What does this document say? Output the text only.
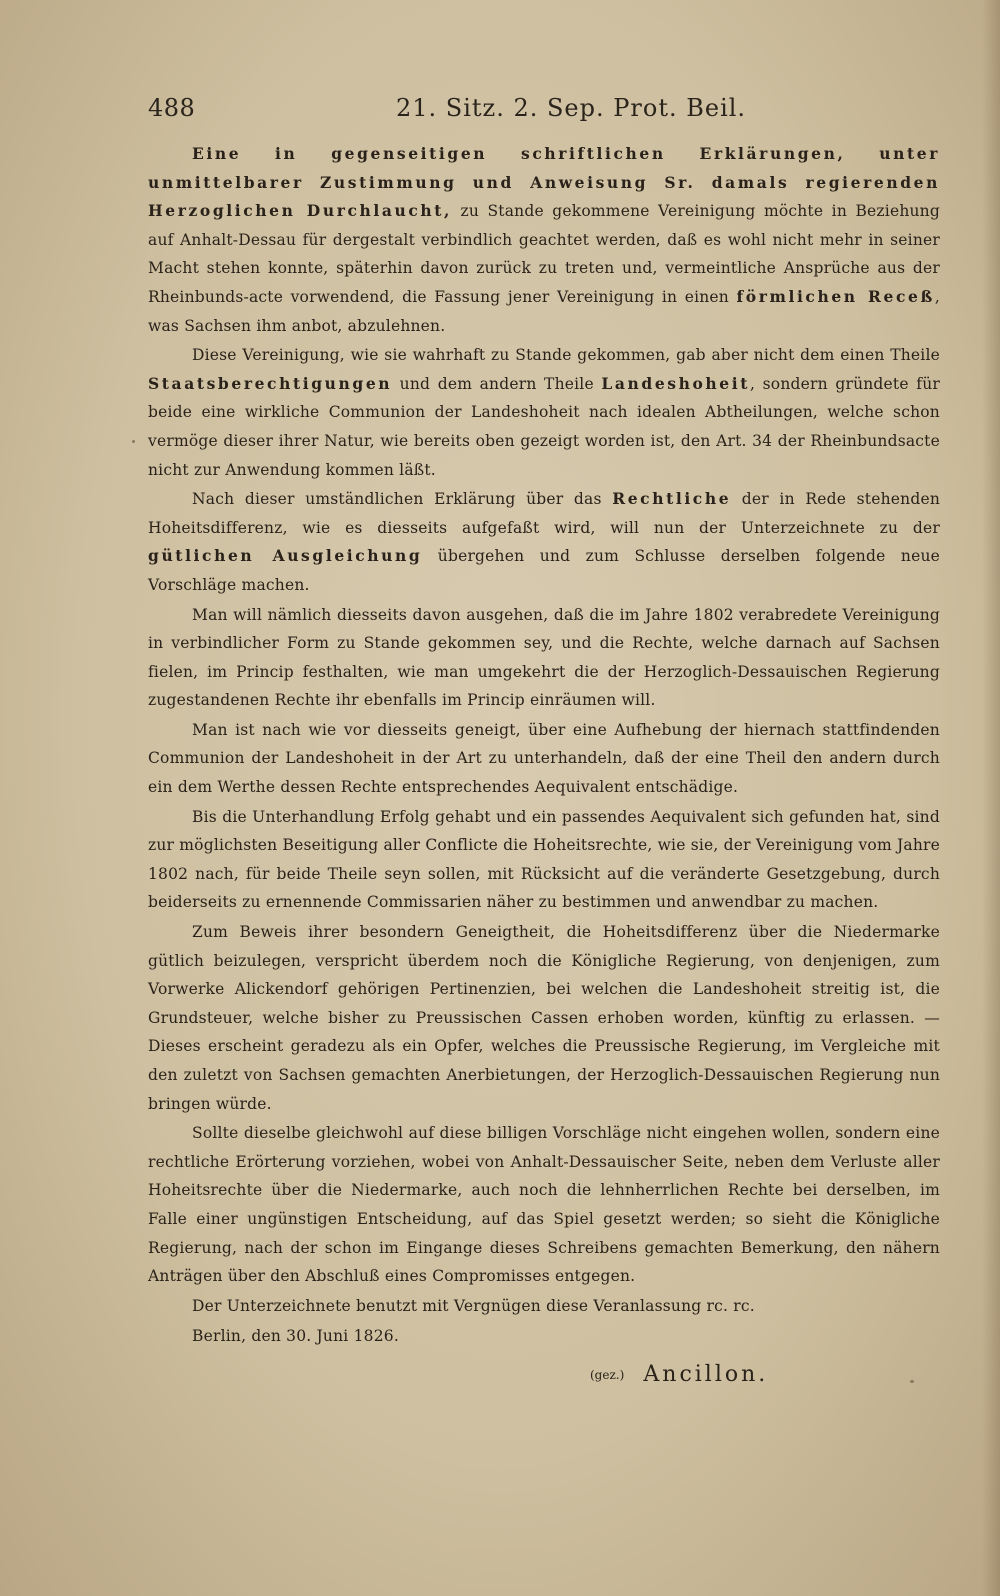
488	21. Sitz. 2. Sep. Prot. Beil.

Eine in gegenseitigen schriftlichen Erklärungen, unter unmittelbarer Zustimmung und Anweisung Sr. damals regierenden Herzoglichen Durchlaucht, zu Stande gekommene Vereinigung möchte in Beziehung auf Anhalt-Dessau für dergestalt verbindlich geachtet werden, daß es wohl nicht mehr in seiner Macht stehen konnte, späterhin davon zurück zu treten und, vermeintliche Ansprüche aus der Rheinbunds-acte vorwendend, die Fassung jener Vereinigung in einen förmlichen Receß, was Sachsen ihm anbot, abzulehnen.

Diese Vereinigung, wie sie wahrhaft zu Stande gekommen, gab aber nicht dem einen Theile Staatsberechtigungen und dem andern Theile Landeshoheit, sondern gründete für beide eine wirkliche Communion der Landeshoheit nach idealen Abtheilungen, welche schon vermöge dieser ihrer Natur, wie bereits oben gezeigt worden ist, den Art. 34 der Rheinbundsacte nicht zur Anwendung kommen läßt.

Nach dieser umständlichen Erklärung über das Rechtliche der in Rede stehenden Hoheitsdifferenz, wie es diesseits aufgefaßt wird, will nun der Unterzeichnete zu der gütlichen Ausgleichung übergehen und zum Schlusse derselben folgende neue Vorschläge machen.

Man will nämlich diesseits davon ausgehen, daß die im Jahre 1802 verabredete Vereinigung in verbindlicher Form zu Stande gekommen sey, und die Rechte, welche darnach auf Sachsen fielen, im Princip festhalten, wie man umgekehrt die der Herzoglich-Dessauischen Regierung zugestandenen Rechte ihr ebenfalls im Princip einräumen will.

Man ist nach wie vor diesseits geneigt, über eine Aufhebung der hiernach stattfindenden Communion der Landeshoheit in der Art zu unterhandeln, daß der eine Theil den andern durch ein dem Werthe dessen Rechte entsprechendes Aequivalent entschädige.

Bis die Unterhandlung Erfolg gehabt und ein passendes Aequivalent sich gefunden hat, sind zur möglichsten Beseitigung aller Conflicte die Hoheitsrechte, wie sie, der Vereinigung vom Jahre 1802 nach, für beide Theile seyn sollen, mit Rücksicht auf die veränderte Gesetzgebung, durch beiderseits zu ernennende Commissarien näher zu bestimmen und anwendbar zu machen.

Zum Beweis ihrer besondern Geneigtheit, die Hoheitsdifferenz über die Niedermarke gütlich beizulegen, verspricht überdem noch die Königliche Regierung, von denjenigen, zum Vorwerke Alickendorf gehörigen Pertinenzien, bei welchen die Landeshoheit streitig ist, die Grundsteuer, welche bisher zu Preussischen Cassen erhoben worden, künftig zu erlassen. — Dieses erscheint geradezu als ein Opfer, welches die Preussische Regierung, im Vergleiche mit den zuletzt von Sachsen gemachten Anerbietungen, der Herzoglich-Dessauischen Regierung nun bringen würde.

Sollte dieselbe gleichwohl auf diese billigen Vorschläge nicht eingehen wollen, sondern eine rechtliche Erörterung vorziehen, wobei von Anhalt-Dessauischer Seite, neben dem Verluste aller Hoheitsrechte über die Niedermarke, auch noch die lehnherrlichen Rechte bei derselben, im Falle einer ungünstigen Entscheidung, auf das Spiel gesetzt werden; so sieht die Königliche Regierung, nach der schon im Eingange dieses Schreibens gemachten Bemerkung, den nähern Anträgen über den Abschluß eines Compromisses entgegen.

Der Unterzeichnete benutzt mit Vergnügen diese Veranlassung rc. rc.

Berlin, den 30. Juni 1826.

(gez.) Ancillon.
